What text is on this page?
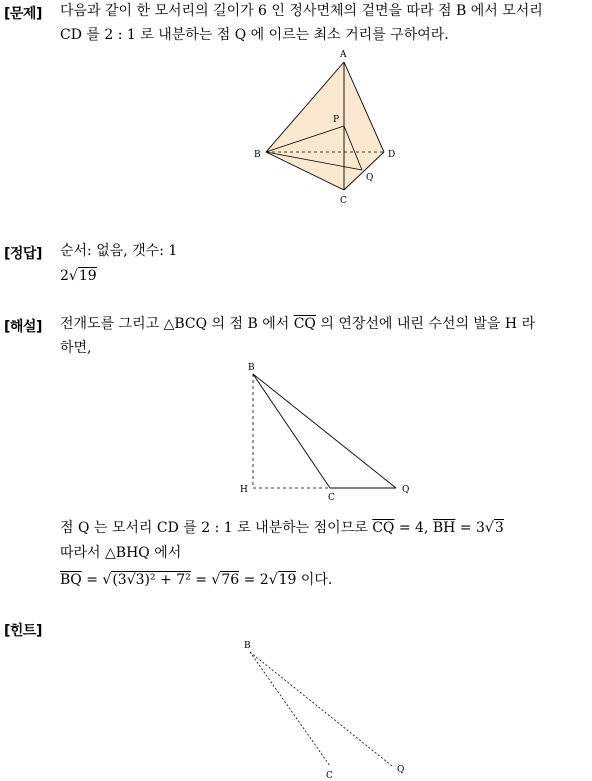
[문제] 다음과 같이 한 모서리의 길이가 6 인 정사면체의 겉면을 따라 점 B 에서 모서리
CD 를 2 : 1 로 내분하는 점 Q 에 이르는 최소 거리를 구하여라.
A
P
B	D
Q
C
[정답] 순서: 없음, 갯수: 1
2√19
[해설] 전개도를 그리고 △BCQ 의 점 B 에서 $\overline{CQ}$ 의 연장선에 내린 수선의 발을 H 라
하면,
B
H
C
Q
점 Q 는 모서리 CD 를 2 : 1 로 내분하는 점이므로 $\overline{CQ} = 4$, $\overline{BH} = 3√3$
따라서 △BHQ 에서
$\overline{BQ} = √(3√3)^2 + 7^2 = √76 = 2√19$ 이다.
[힌트]
B
C
Q
